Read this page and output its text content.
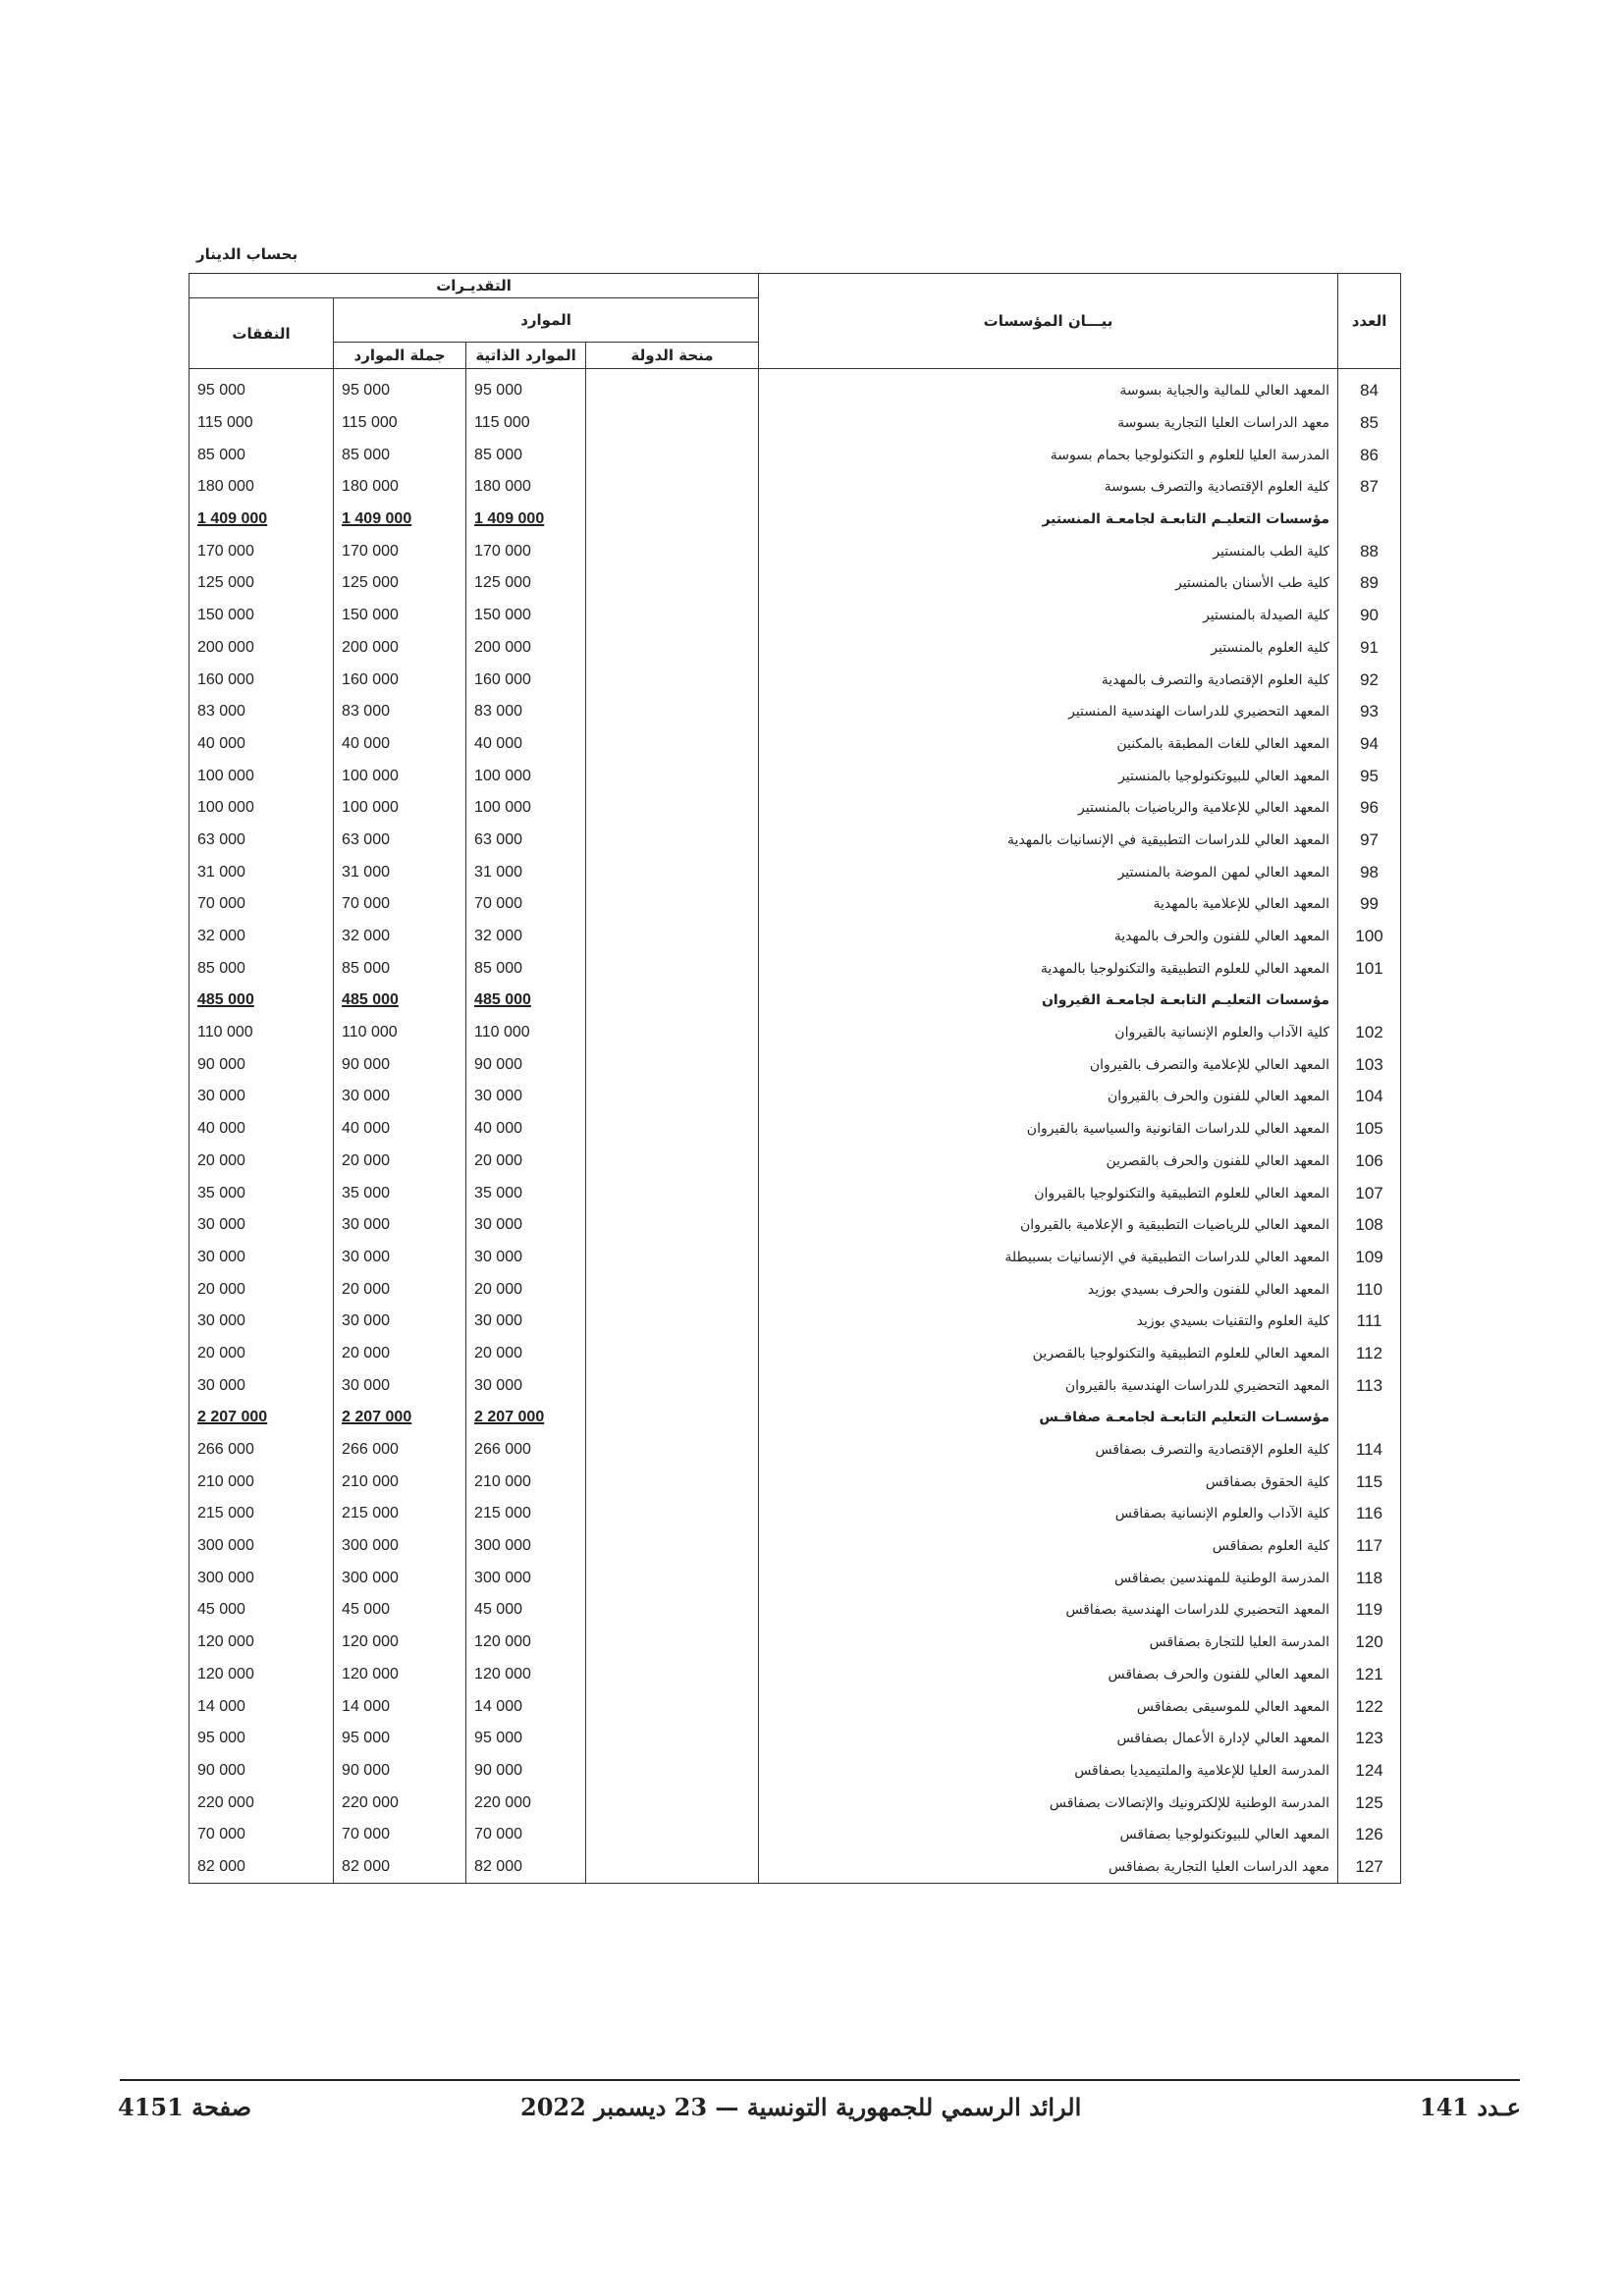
بحساب الدينار
العدد	بيـــان المؤسسات	التقديـرات			
		الموارد			النفقات
		منحة الدولة	الموارد الذاتية	جملة الموارد	
84	المعهد العالي للمالية والجباية بسوسة		95 000	95 000	95 000
85	معهد الدراسات العليا التجارية بسوسة		115 000	115 000	115 000
86	المدرسة العليا للعلوم و التكنولوجيا بحمام بسوسة		85 000	85 000	85 000
87	كلية العلوم الإقتصادية والتصرف بسوسة		180 000	180 000	180 000
	مؤسسات التعليـم التابعـة لجامعـة المنستير		1 409 000	1 409 000	1 409 000
88	كلية الطب بالمنستير		170 000	170 000	170 000
89	كلية طب الأسنان بالمنستير		125 000	125 000	125 000
90	كلية الصيدلة بالمنستير		150 000	150 000	150 000
91	كلية العلوم بالمنستير		200 000	200 000	200 000
92	كلية العلوم الإقتصادية والتصرف بالمهدية		160 000	160 000	160 000
93	المعهد التحضيري للدراسات الهندسية المنستير		83 000	83 000	83 000
94	المعهد العالي للغات المطبقة بالمكنين		40 000	40 000	40 000
95	المعهد العالي للبيوتكنولوجيا بالمنستير		100 000	100 000	100 000
96	المعهد العالي للإعلامية والرياضيات بالمنستير		100 000	100 000	100 000
97	المعهد العالي للدراسات التطبيقية في الإنسانيات بالمهدية		63 000	63 000	63 000
98	المعهد العالي لمهن الموضة بالمنستير		31 000	31 000	31 000
99	المعهد العالي للإعلامية بالمهدية		70 000	70 000	70 000
100	المعهد العالي للفنون والحرف بالمهدية		32 000	32 000	32 000
101	المعهد العالي للعلوم التطبيقية والتكنولوجيا بالمهدية		85 000	85 000	85 000
	مؤسسات التعليـم التابعـة لجامعـة القيروان		485 000	485 000	485 000
102	كلية الآداب والعلوم الإنسانية بالقيروان		110 000	110 000	110 000
103	المعهد العالي للإعلامية والتصرف بالقيروان		90 000	90 000	90 000
104	المعهد العالي للفنون والحرف بالقيروان		30 000	30 000	30 000
105	المعهد العالي للدراسات القانونية والسياسية بالقيروان		40 000	40 000	40 000
106	المعهد العالي للفنون والحرف بالقصرين		20 000	20 000	20 000
107	المعهد العالي للعلوم التطبيقية والتكنولوجيا بالقيروان		35 000	35 000	35 000
108	المعهد العالي للرياضيات التطبيقية و الإعلامية بالقيروان		30 000	30 000	30 000
109	المعهد العالي للدراسات التطبيقية في الإنسانيات بسبيطلة		30 000	30 000	30 000
110	المعهد العالي للفنون والحرف بسيدي بوزيد		20 000	20 000	20 000
111	كلية العلوم والتقنيات بسيدي بوزيد		30 000	30 000	30 000
112	المعهد العالي للعلوم التطبيقية والتكنولوجيا بالقصرين		20 000	20 000	20 000
113	المعهد التحضيري للدراسات الهندسية بالقيروان		30 000	30 000	30 000
	مؤسسـات التعليم التابعـة لجامعـة صفاقـس		2 207 000	2 207 000	2 207 000
114	كلية العلوم الإقتصادية والتصرف بصفاقس		266 000	266 000	266 000
115	كلية الحقوق بصفاقس		210 000	210 000	210 000
116	كلية الآداب والعلوم الإنسانية بصفاقس		215 000	215 000	215 000
117	كلية العلوم بصفاقس		300 000	300 000	300 000
118	المدرسة الوطنية للمهندسين بصفاقس		300 000	300 000	300 000
119	المعهد التحضيري للدراسات الهندسية بصفاقس		45 000	45 000	45 000
120	المدرسة العليا للتجارة بصفاقس		120 000	120 000	120 000
121	المعهد العالي للفنون والحرف بصفاقس		120 000	120 000	120 000
122	المعهد العالي للموسيقى بصفاقس		14 000	14 000	14 000
123	المعهد العالي لإدارة الأعمال بصفاقس		95 000	95 000	95 000
124	المدرسة العليا للإعلامية والملتيميديا بصفاقس		90 000	90 000	90 000
125	المدرسة الوطنية للإلكترونيك والإتصالات بصفاقس		220 000	220 000	220 000
126	المعهد العالي للبيوتكنولوجيا بصفاقس		70 000	70 000	70 000
127	معهد الدراسات العليا التجارية بصفاقس		82 000	82 000	82 000
عـدد 141
الرائد الرسمي للجمهورية التونسية — 23 ديسمبر 2022
صفحة 4151
